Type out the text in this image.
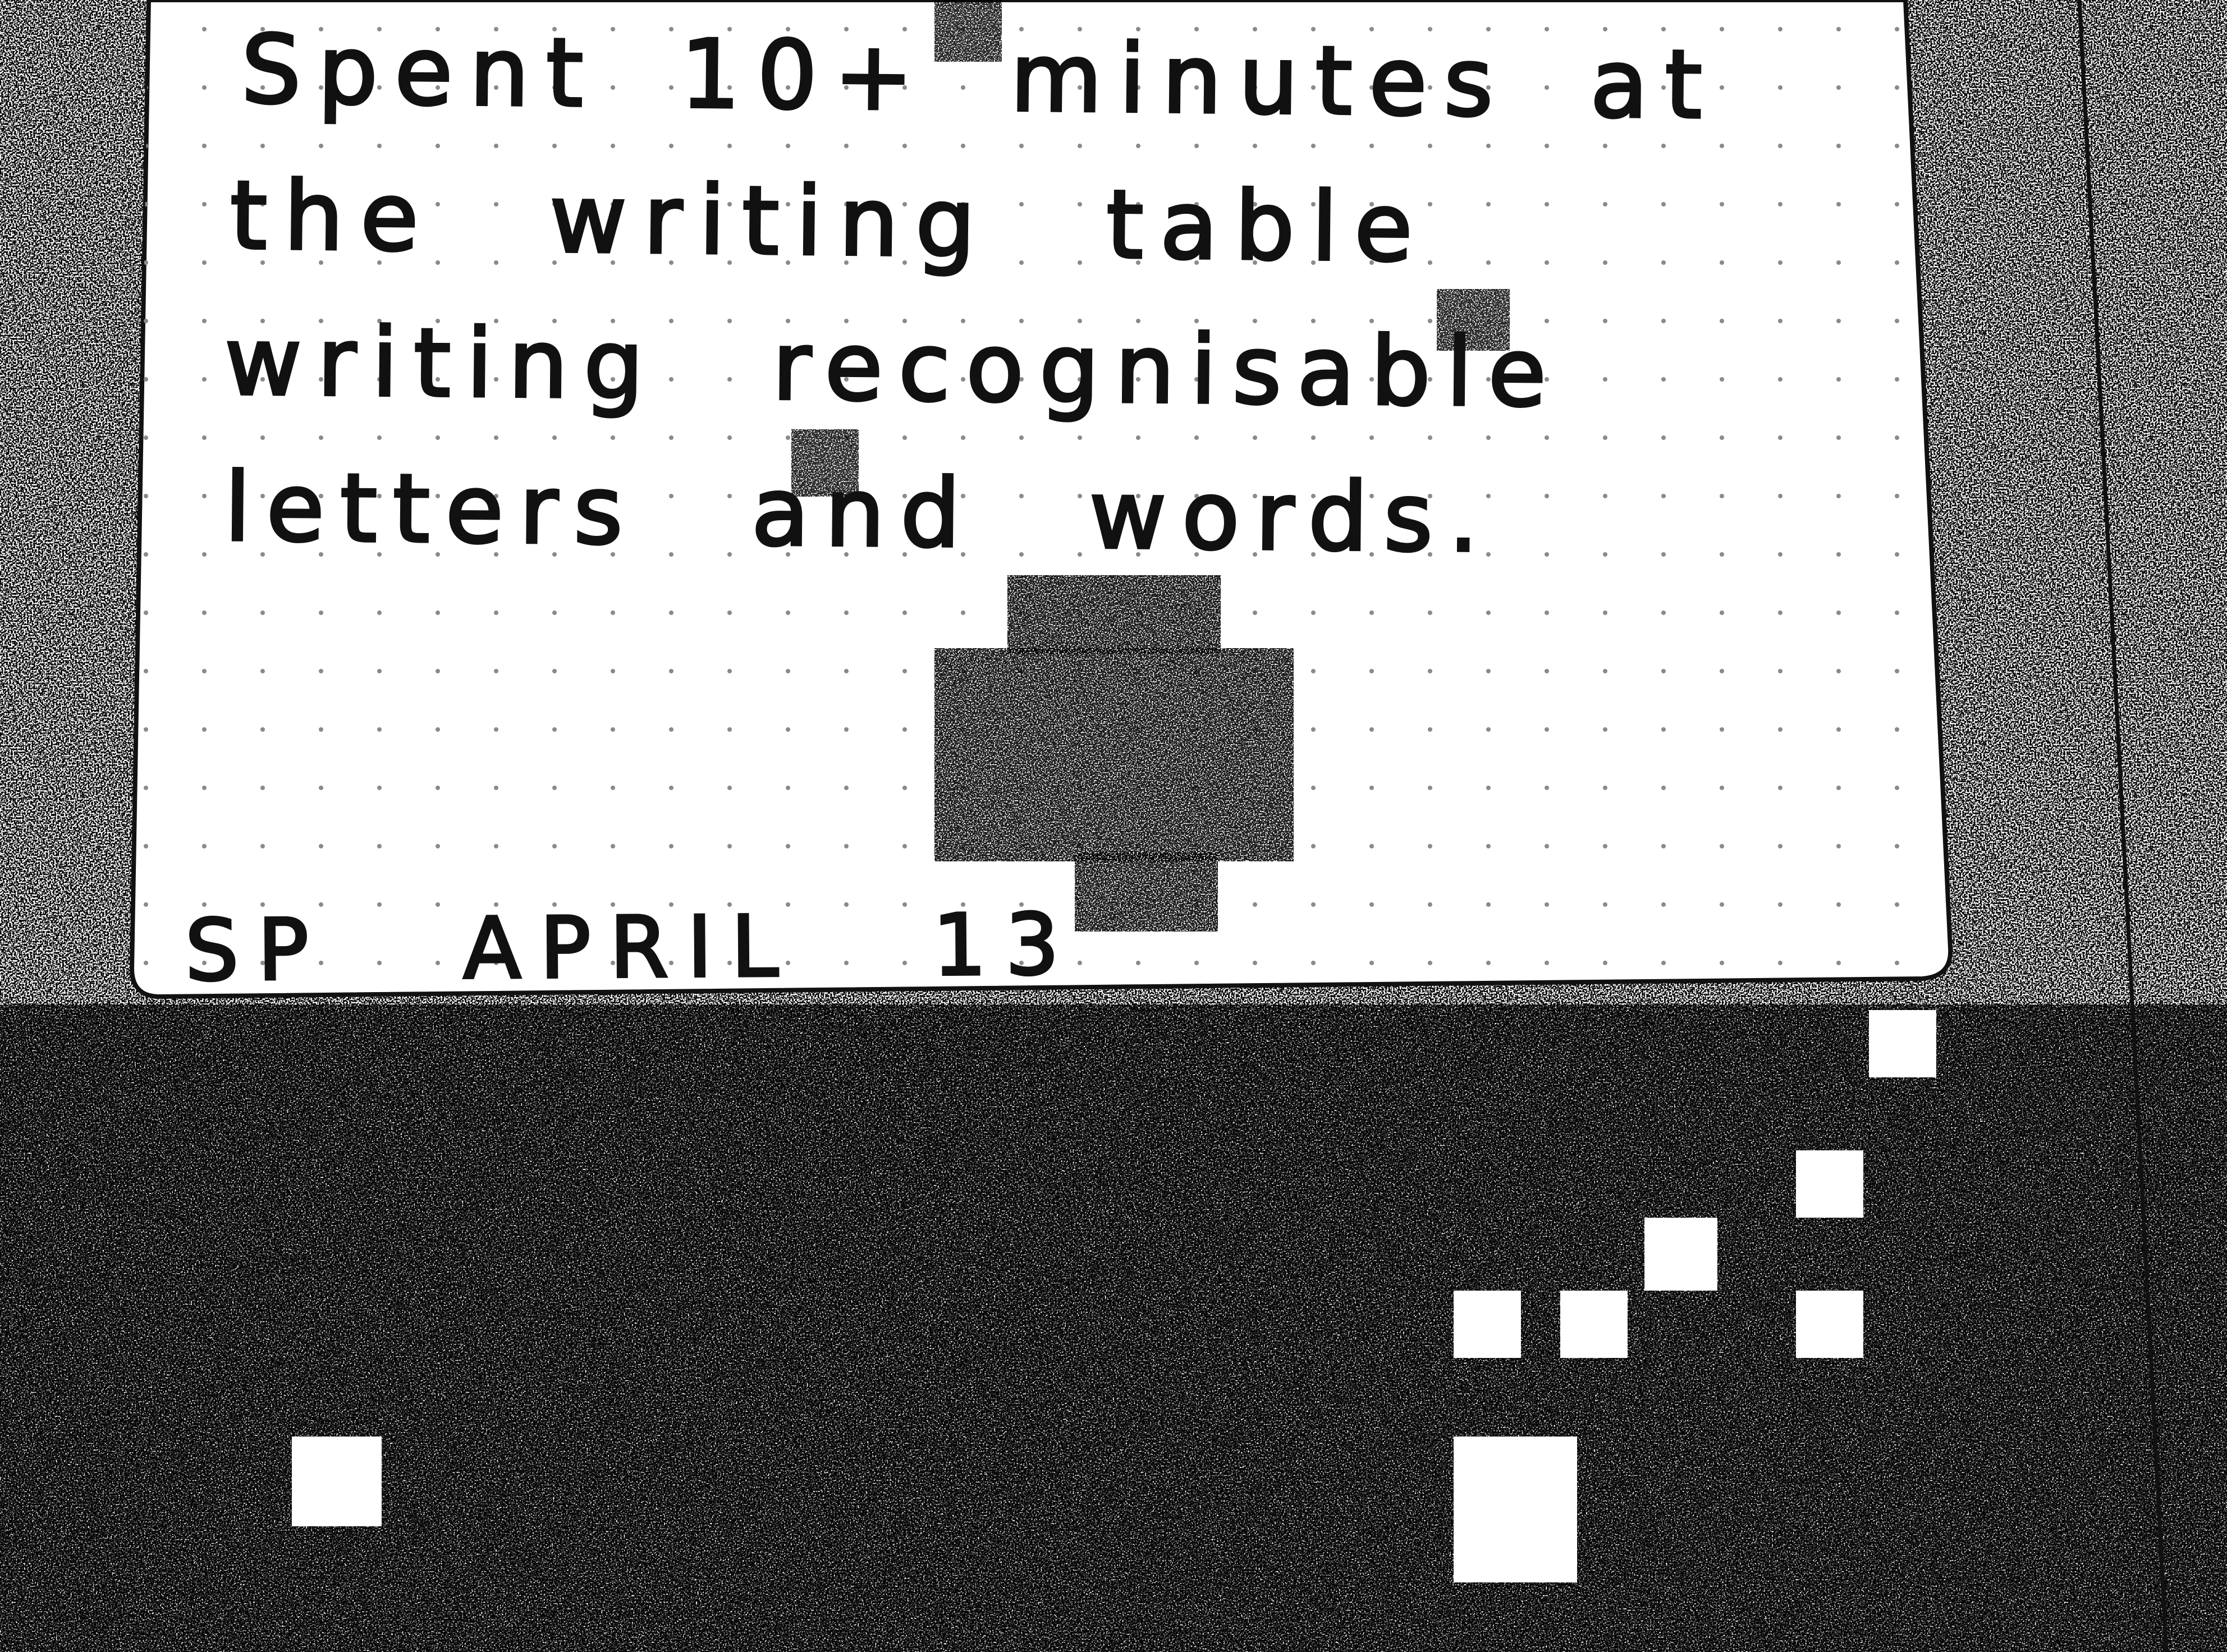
Spent 10+ minutes at
the writing table
writing recognisable
letters and words.
SP APRIL 13
